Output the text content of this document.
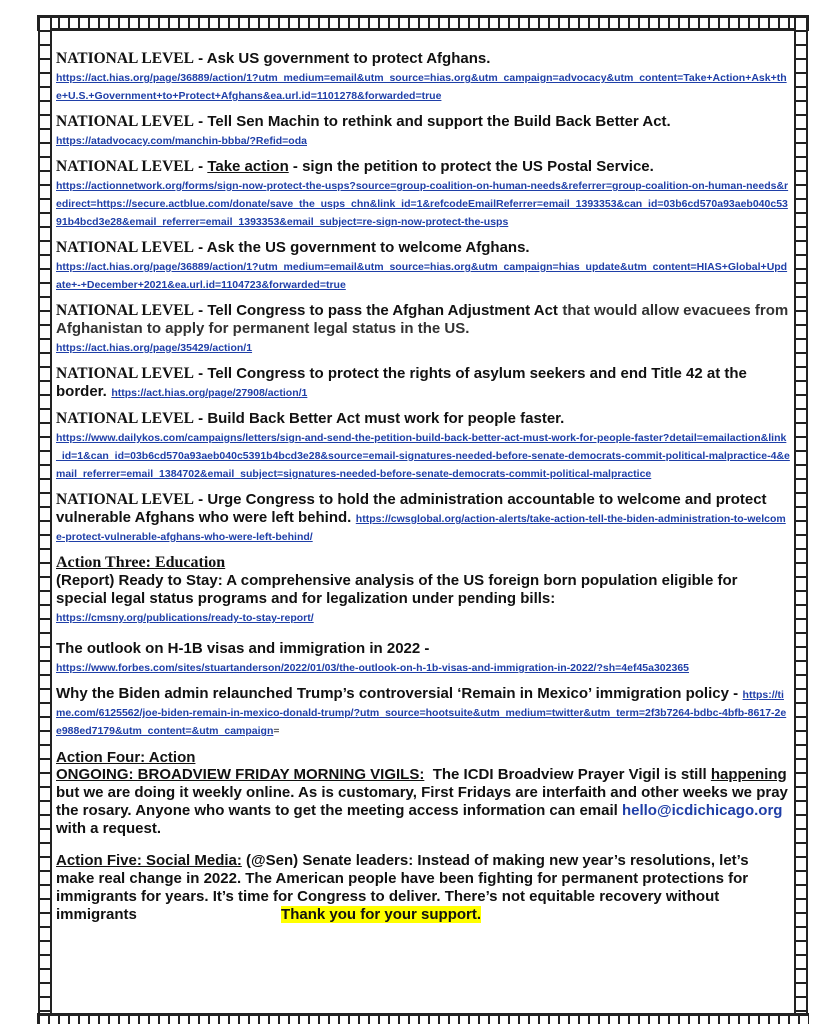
NATIONAL LEVEL - Ask US government to protect Afghans.
https://act.hias.org/page/36889/action/1?utm_medium=email&utm_source=hias.org&utm_campaign=advocacy&utm_content=Take+Action+Ask+the+U.S.+Government+to+Protect+Afghans&ea.url.id=1101278&forwarded=true
NATIONAL LEVEL - Tell Sen Machin to rethink and support the Build Back Better Act.
https://atadvocacy.com/manchin-bbba/?Refid=oda
NATIONAL LEVEL - Take action - sign the petition to protect the US Postal Service.
https://actionnetwork.org/forms/sign-now-protect-the-usps?source=group-coalition-on-human-needs&referrer=group-coalition-on-human-needs&redirect=https://secure.actblue.com/donate/save_the_usps_chn&link_id=1&refcodeEmailReferrer=email_1393353&can_id=03b6cd570a93aeb040c5391b4bcd3e28&email_referrer=email_1393353&email_subject=re-sign-now-protect-the-usps
NATIONAL LEVEL - Ask the US government to welcome Afghans.
https://act.hias.org/page/36889/action/1?utm_medium=email&utm_source=hias.org&utm_campaign=hias_update&utm_content=HIAS+Global+Update+-+December+2021&ea.url.id=1104723&forwarded=true
NATIONAL LEVEL - Tell Congress to pass the Afghan Adjustment Act that would allow evacuees from Afghanistan to apply for permanent legal status in the US.
https://act.hias.org/page/35429/action/1
NATIONAL LEVEL - Tell Congress to protect the rights of asylum seekers and end Title 42 at the border. https://act.hias.org/page/27908/action/1
NATIONAL LEVEL - Build Back Better Act must work for people faster.
https://www.dailykos.com/campaigns/letters/sign-and-send-the-petition-build-back-better-act-must-work-for-people-faster?detail=emailaction&link_id=1&can_id=03b6cd570a93aeb040c5391b4bcd3e28&source=email-signatures-needed-before-senate-democrats-commit-political-malpractice-4&email_referrer=email_1384702&email_subject=signatures-needed-before-senate-democrats-commit-political-malpractice
NATIONAL LEVEL - Urge Congress to hold the administration accountable to welcome and protect vulnerable Afghans who were left behind. https://cwsglobal.org/action-alerts/take-action-tell-the-biden-administration-to-welcome-protect-vulnerable-afghans-who-were-left-behind/
Action Three: Education
(Report) Ready to Stay: A comprehensive analysis of the US foreign born population eligible for special legal status programs and for legalization under pending bills:
https://cmsny.org/publications/ready-to-stay-report/
The outlook on H-1B visas and immigration in 2022 -
https://www.forbes.com/sites/stuartanderson/2022/01/03/the-outlook-on-h-1b-visas-and-immigration-in-2022/?sh=4ef45a302365
Why the Biden admin relaunched Trump’s controversial ‘Remain in Mexico’ immigration policy - https://time.com/6125562/joe-biden-remain-in-mexico-donald-trump/?utm_source=hootsuite&utm_medium=twitter&utm_term=2f3b7264-bdbc-4bfb-8617-2ee988ed7179&utm_content=&utm_campaign=
Action Four: Action
ONGOING: BROADVIEW FRIDAY MORNING VIGILS: The ICDI Broadview Prayer Vigil is still happening but we are doing it weekly online. As is customary, First Fridays are interfaith and other weeks we pray the rosary. Anyone who wants to get the meeting access information can email hello@icdichicago.org with a request.
Action Five: Social Media: (@Sen) Senate leaders: Instead of making new year’s resolutions, let’s make real change in 2022. The American people have been fighting for permanent protections for immigrants for years. It’s time for Congress to deliver. There’s not equitable recovery without immigrants	Thank you for your support.
